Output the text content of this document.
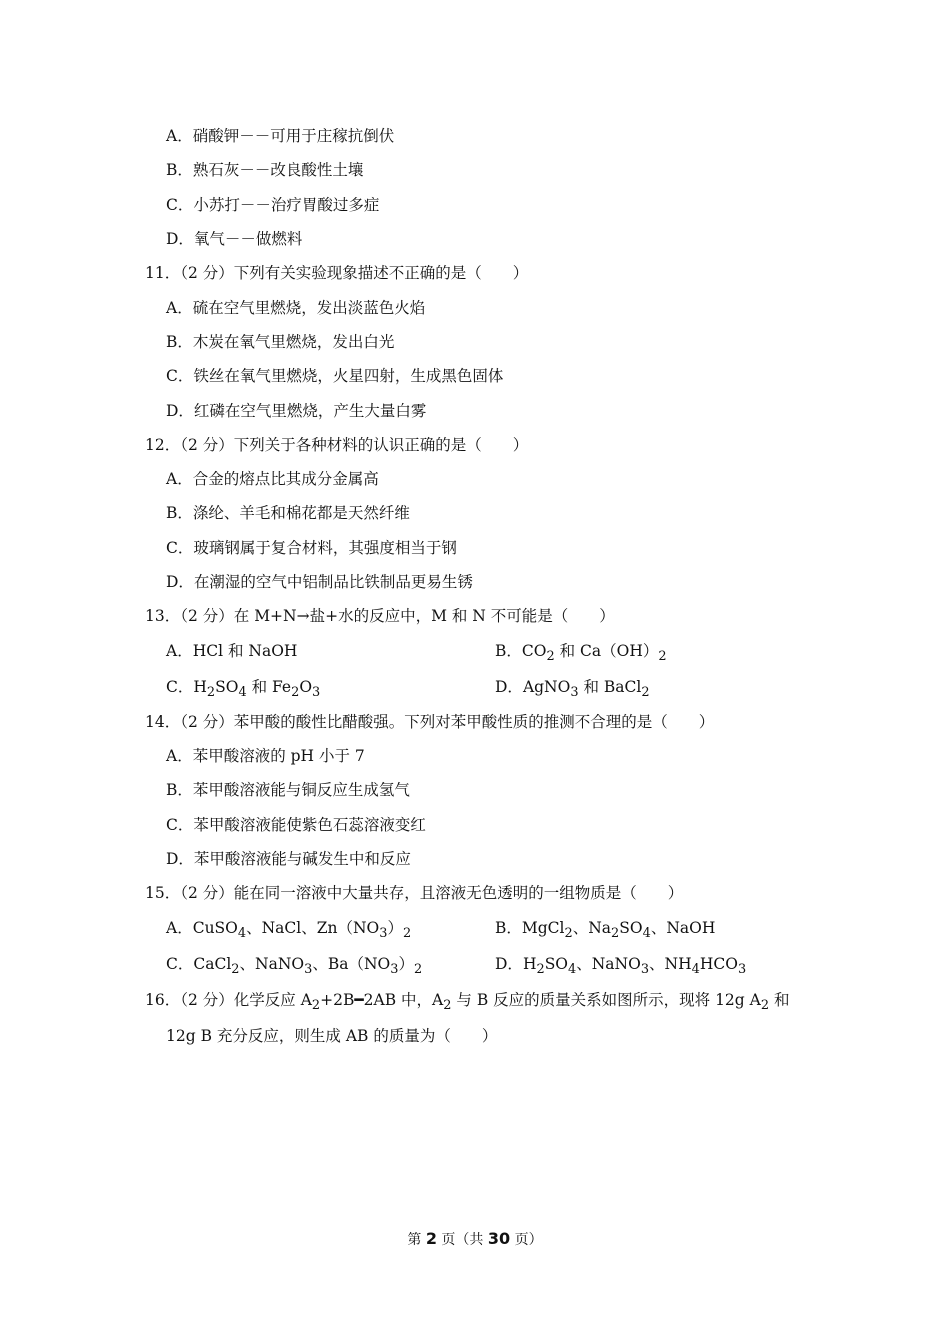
A．硝酸钾－－可用于庄稼抗倒伏
B．熟石灰－－改良酸性土壤
C．小苏打－－治疗胃酸过多症
D．氧气－－做燃料
11．（2 分）下列有关实验现象描述不正确的是（　　）
A．硫在空气里燃烧，发出淡蓝色火焰
B．木炭在氧气里燃烧，发出白光
C．铁丝在氧气里燃烧，火星四射，生成黑色固体
D．红磷在空气里燃烧，产生大量白雾
12．（2 分）下列关于各种材料的认识正确的是（　　）
A．合金的熔点比其成分金属高
B．涤纶、羊毛和棉花都是天然纤维
C．玻璃钢属于复合材料，其强度相当于钢
D．在潮湿的空气中铝制品比铁制品更易生锈
13．（2 分）在 M+N→盐+水的反应中，M 和 N 不可能是（　　）
A．HCl 和 NaOH	B．$CO_2$ 和 $Ca(OH)_2$
C．$H_2SO_4$ 和 $Fe_2O_3$	D．AgNO$_3$ 和 BaCl$_2$
14．（2 分）苯甲酸的酸性比醋酸强。下列对苯甲酸性质的推测不合理的是（　　）
A．苯甲酸溶液的 pH 小于 7
B．苯甲酸溶液能与铜反应生成氢气
C．苯甲酸溶液能使紫色石蕊溶液变红
D．苯甲酸溶液能与碱发生中和反应
15．（2 分）能在同一溶液中大量共存，且溶液无色透明的一组物质是（　　）
A．CuSO$_4$、NaCl、$Zn(NO_3)_2$	B．MgCl$_2$、$Na_2SO_4$、NaOH
C．CaCl$_2$、NaNO$_3$、$Ba(NO_3)_2$	D．$H_2SO_4$、NaNO$_3$、$NH_4HCO_3$
16．（2 分）化学反应 $A_2+2B━2AB$ 中，$A_2$ 与 B 反应的质量关系如图所示，现将 12g $A_2$ 和
12g B 充分反应，则生成 AB 的质量为（　　）
第 2 页（共 30 页）
